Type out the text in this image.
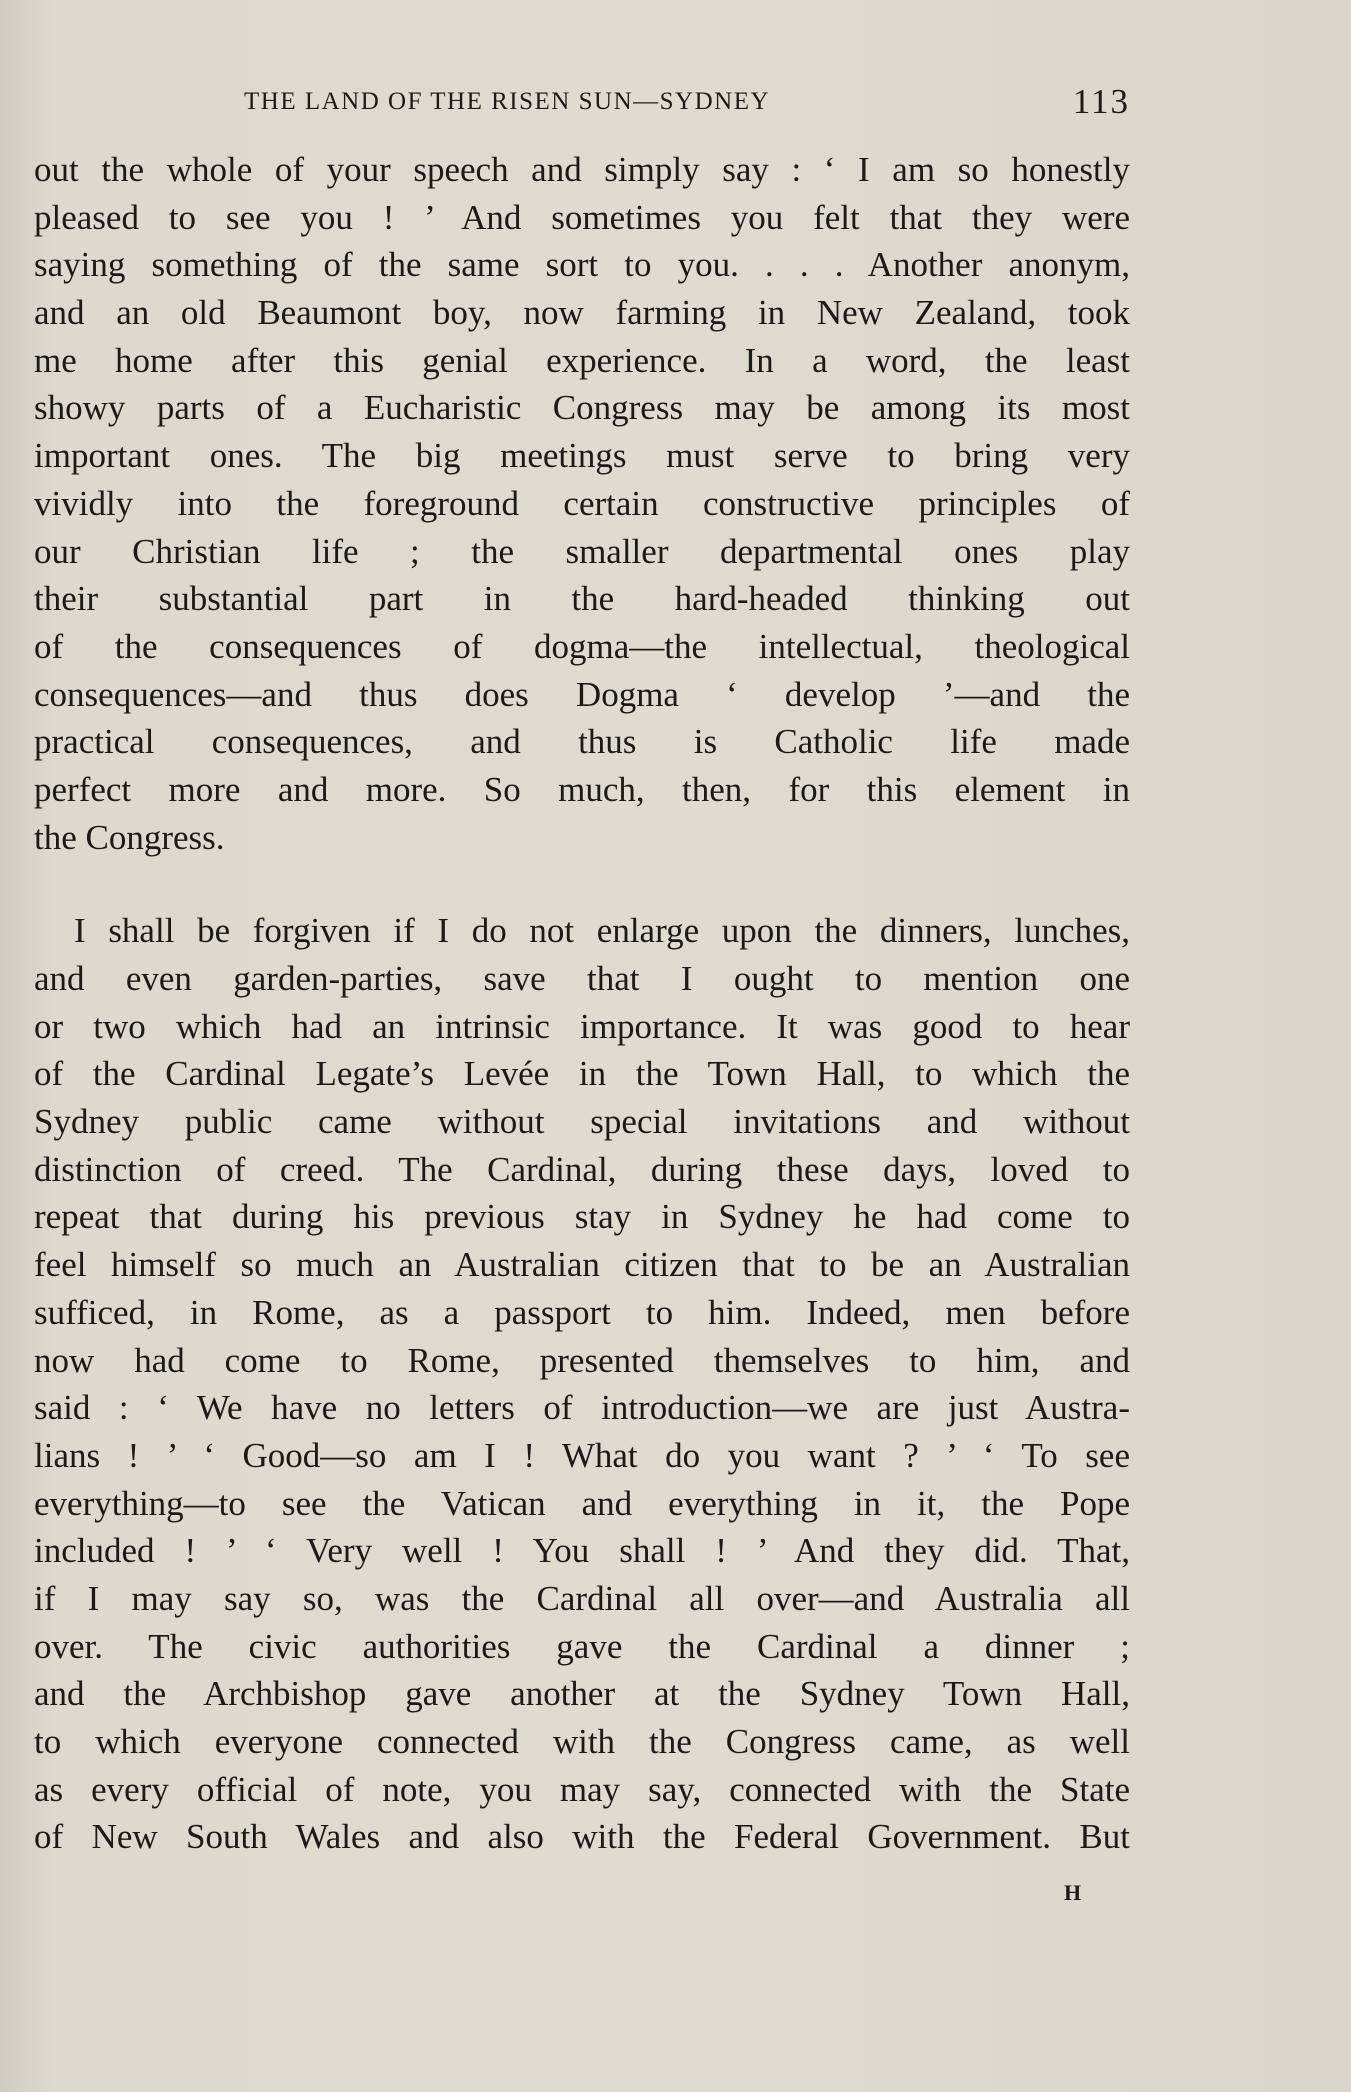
THE LAND OF THE RISEN SUN—SYDNEY	113
out the whole of your speech and simply say : ‘ I am so honestly
pleased to see you ! ’ And sometimes you felt that they were
saying something of the same sort to you. . . . Another anonym,
and an old Beaumont boy, now farming in New Zealand, took
me home after this genial experience. In a word, the least
showy parts of a Eucharistic Congress may be among its most
important ones. The big meetings must serve to bring very
vividly into the foreground certain constructive principles of
our Christian life ; the smaller departmental ones play
their substantial part in the hard-headed thinking out
of the consequences of dogma—the intellectual, theological
consequences—and thus does Dogma ‘ develop ’—and the
practical consequences, and thus is Catholic life made
perfect more and more. So much, then, for this element in
the Congress.
I shall be forgiven if I do not enlarge upon the dinners, lunches,
and even garden-parties, save that I ought to mention one
or two which had an intrinsic importance. It was good to hear
of the Cardinal Legate’s Levée in the Town Hall, to which the
Sydney public came without special invitations and without
distinction of creed. The Cardinal, during these days, loved to
repeat that during his previous stay in Sydney he had come to
feel himself so much an Australian citizen that to be an Australian
sufficed, in Rome, as a passport to him. Indeed, men before
now had come to Rome, presented themselves to him, and
said : ‘ We have no letters of introduction—we are just Austra-
lians ! ’ ‘ Good—so am I ! What do you want ? ’ ‘ To see
everything—to see the Vatican and everything in it, the Pope
included ! ’ ‘ Very well ! You shall ! ’ And they did. That,
if I may say so, was the Cardinal all over—and Australia all
over. The civic authorities gave the Cardinal a dinner ;
and the Archbishop gave another at the Sydney Town Hall,
to which everyone connected with the Congress came, as well
as every official of note, you may say, connected with the State
of New South Wales and also with the Federal Government. But
H
